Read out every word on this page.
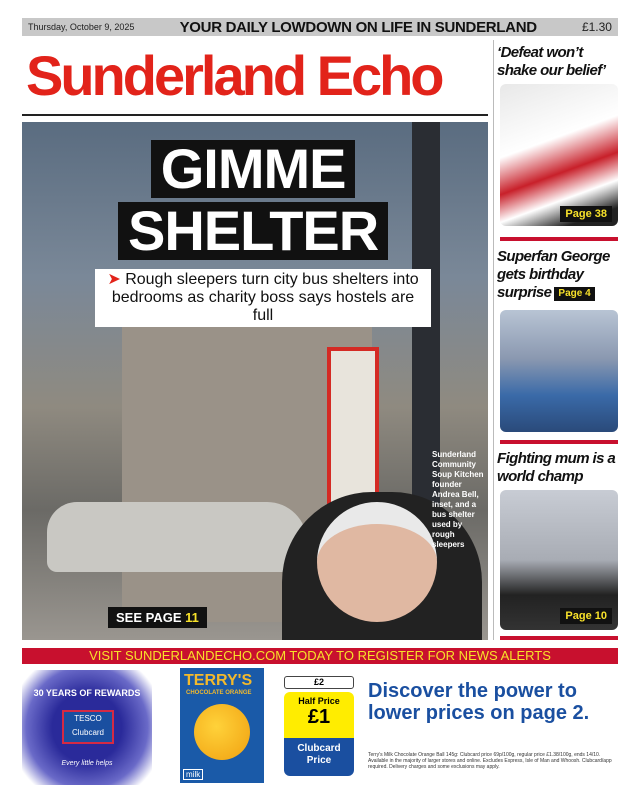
Thursday, October 9, 2025	YOUR DAILY LOWDOWN ON LIFE IN SUNDERLAND	£1.30
Sunderland Echo
GIMME
SHELTER
➤ Rough sleepers turn city bus shelters into bedrooms as charity boss says hostels are full
Sunderland Community Soup Kitchen founder Andrea Bell, inset, and a bus shelter used by rough sleepers
SEE PAGE 11
‘Defeat won’t shake our belief’
Page 38
Superfan George gets birthday surprise Page 4
Fighting mum is a world champ
Page 10
VISIT SUNDERLANDECHO.COM TODAY TO REGISTER FOR NEWS ALERTS
30 YEARS OF REWARDS
TESCO
Clubcard
Every little helps
TERRY'S
CHOCOLATE ORANGE
milk
£2
Half Price
£1
Clubcard Price
Discover the power to lower prices on page 2.
Terry's Milk Chocolate Orange Ball 145g: Clubcard price 69p/100g, regular price £1.38/100g, ends 14/10. Available in the majority of larger stores and online. Excludes Express, Isle of Man and Whoosh. Clubcard/app required. Delivery charges and some exclusions may apply.
